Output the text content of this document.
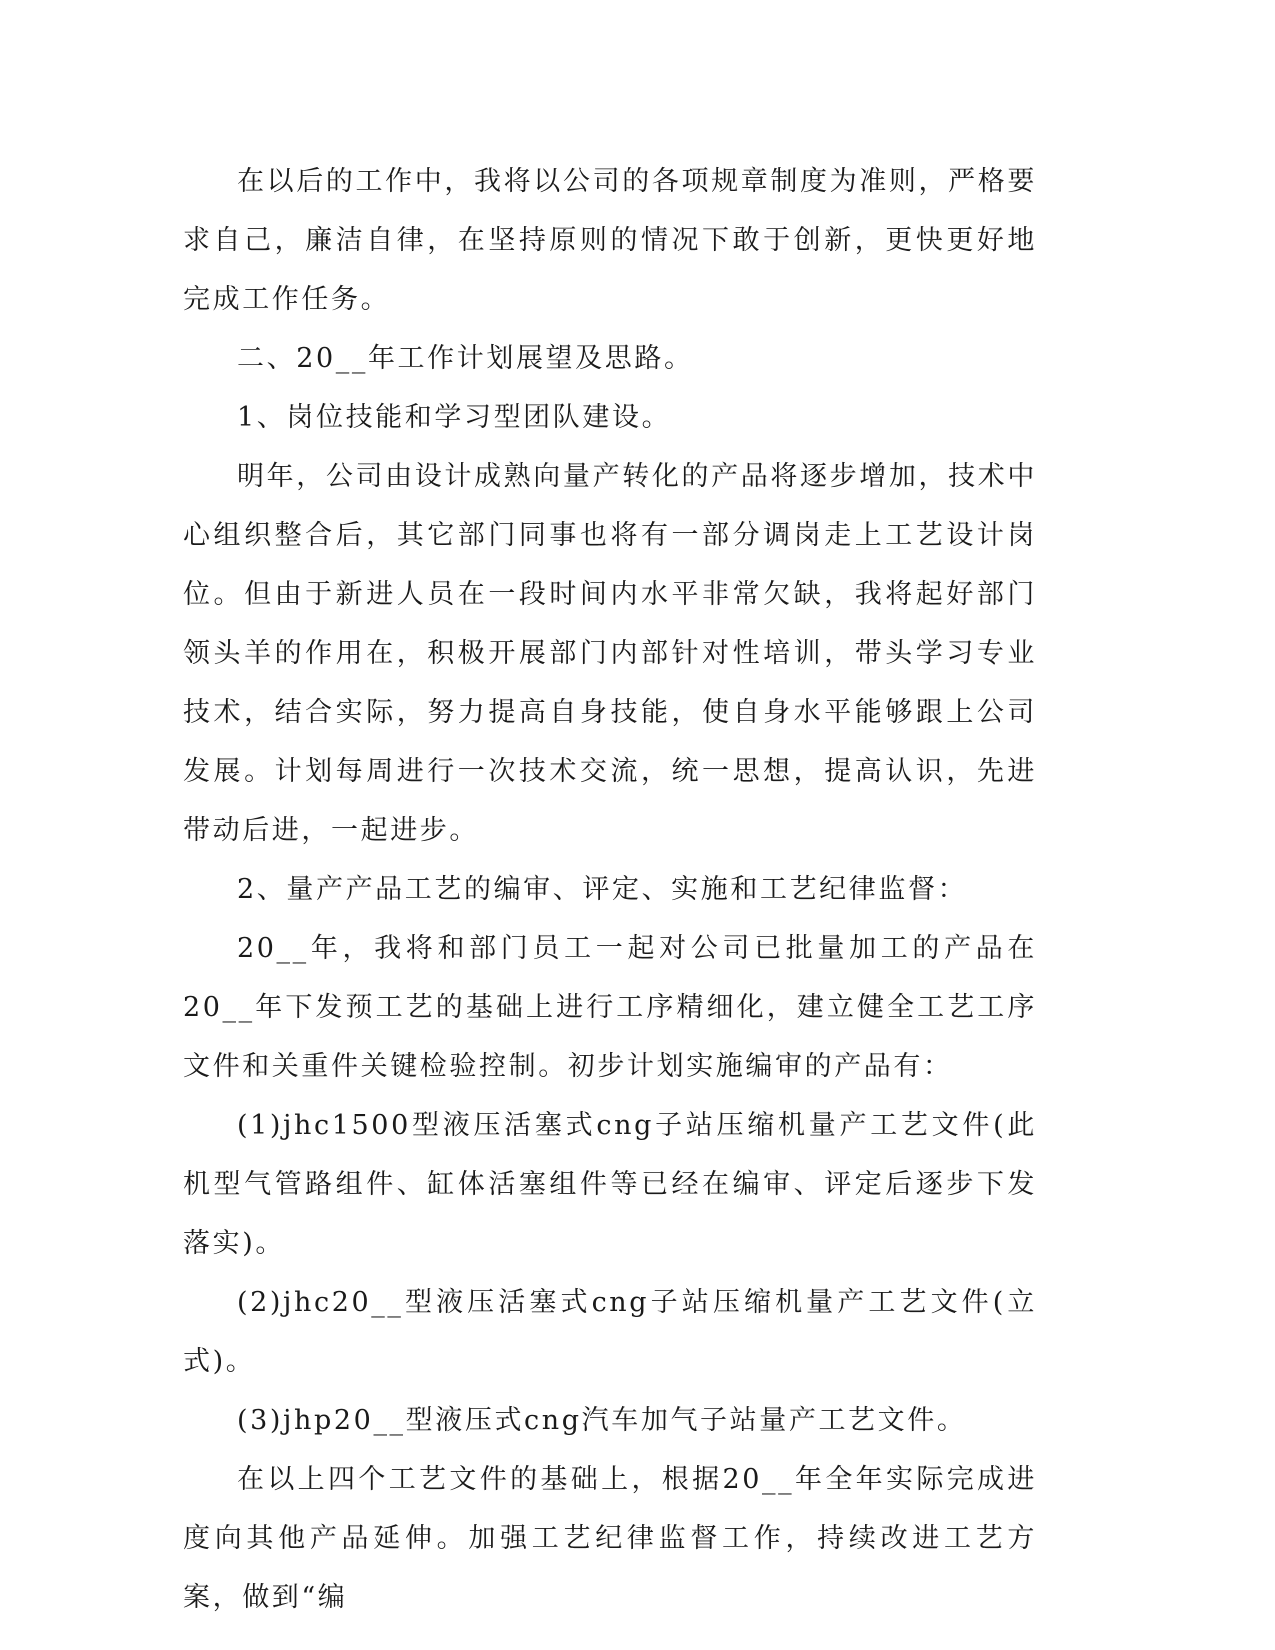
在以后的工作中，我将以公司的各项规章制度为准则，严格要求自己，廉洁自律，在坚持原则的情况下敢于创新，更快更好地完成工作任务。

二、20__年工作计划展望及思路。

1、岗位技能和学习型团队建设。

明年，公司由设计成熟向量产转化的产品将逐步增加，技术中心组织整合后，其它部门同事也将有一部分调岗走上工艺设计岗位。但由于新进人员在一段时间内水平非常欠缺，我将起好部门领头羊的作用在，积极开展部门内部针对性培训，带头学习专业技术，结合实际，努力提高自身技能，使自身水平能够跟上公司发展。计划每周进行一次技术交流，统一思想，提高认识，先进带动后进，一起进步。

2、量产产品工艺的编审、评定、实施和工艺纪律监督：

20__年，我将和部门员工一起对公司已批量加工的产品在20__年下发预工艺的基础上进行工序精细化，建立健全工艺工序文件和关重件关键检验控制。初步计划实施编审的产品有：

(1)jhc1500型液压活塞式cng子站压缩机量产工艺文件(此机型气管路组件、缸体活塞组件等已经在编审、评定后逐步下发落实)。

(2)jhc20__型液压活塞式cng子站压缩机量产工艺文件(立式)。

(3)jhp20__型液压式cng汽车加气子站量产工艺文件。

在以上四个工艺文件的基础上，根据20__年全年实际完成进度向其他产品延伸。加强工艺纪律监督工作，持续改进工艺方案，做到“编
